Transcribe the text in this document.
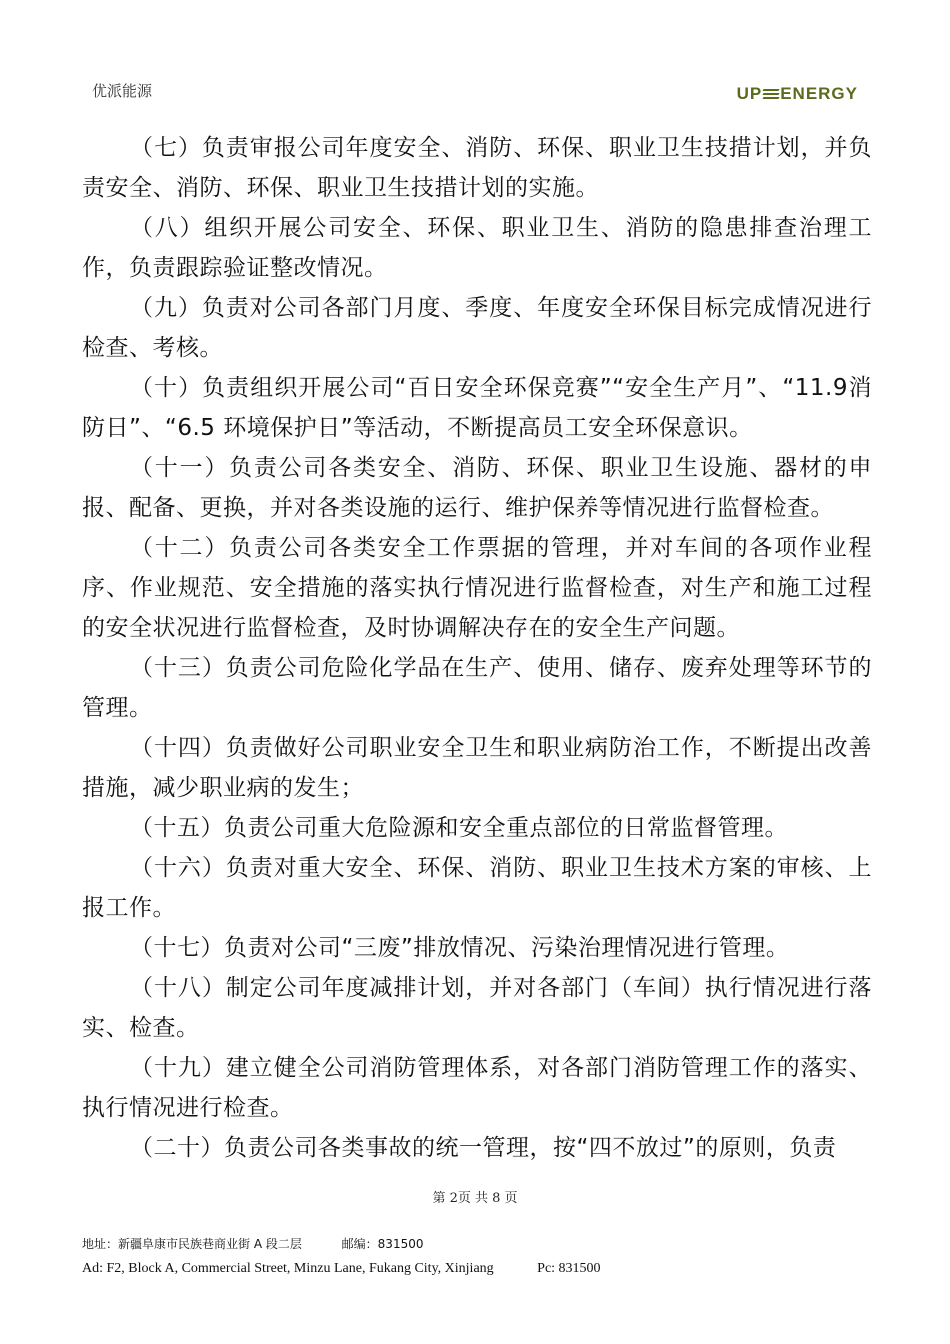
优派能源	UP ENERGY

（七）负责审报公司年度安全、消防、环保、职业卫生技措计划，并负责安全、消防、环保、职业卫生技措计划的实施。

（八）组织开展公司安全、环保、职业卫生、消防的隐患排查治理工作，负责跟踪验证整改情况。

（九）负责对公司各部门月度、季度、年度安全环保目标完成情况进行检查、考核。

（十）负责组织开展公司“百日安全环保竞赛”“安全生产月”、“11.9消防日”、“6.5 环境保护日”等活动，不断提高员工安全环保意识。

（十一）负责公司各类安全、消防、环保、职业卫生设施、器材的申报、配备、更换，并对各类设施的运行、维护保养等情况进行监督检查。

（十二）负责公司各类安全工作票据的管理，并对车间的各项作业程序、作业规范、安全措施的落实执行情况进行监督检查，对生产和施工过程的安全状况进行监督检查，及时协调解决存在的安全生产问题。

（十三）负责公司危险化学品在生产、使用、储存、废弃处理等环节的管理。

（十四）负责做好公司职业安全卫生和职业病防治工作，不断提出改善措施，减少职业病的发生；

（十五）负责公司重大危险源和安全重点部位的日常监督管理。

（十六）负责对重大安全、环保、消防、职业卫生技术方案的审核、上报工作。

（十七）负责对公司“三废”排放情况、污染治理情况进行管理。

（十八）制定公司年度减排计划，并对各部门（车间）执行情况进行落实、检查。

（十九）建立健全公司消防管理体系，对各部门消防管理工作的落实、执行情况进行检查。

（二十）负责公司各类事故的统一管理，按“四不放过”的原则，负责

第 2页 共 8 页
地址：新疆阜康市民族巷商业街 A 段二层	邮编：831500
Ad: F2, Block A, Commercial Street, Minzu Lane, Fukang City, Xinjiang	Pc: 831500
